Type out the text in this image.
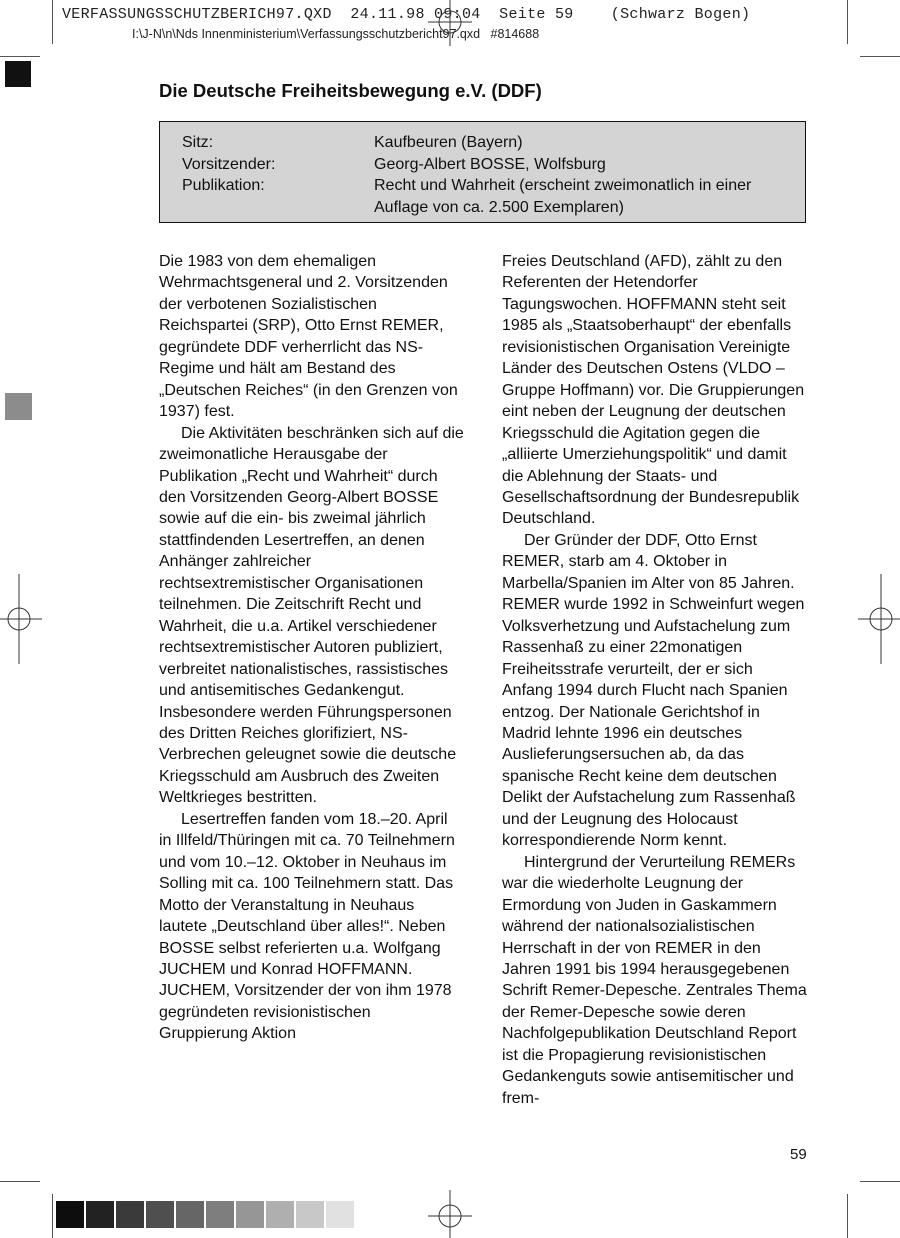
VERFASSUNGSSCHUTZBERICH97.QXD  24.11.98 09:04  Seite 59    (Schwarz Bogen)
I:\J-N\n\Nds Innenministerium\Verfassungsschutzbericht97.qxd   #814688
Die Deutsche Freiheitsbewegung e.V. (DDF)
Sitz:	Kaufbeuren (Bayern)
Vorsitzender:	Georg-Albert BOSSE, Wolfsburg
Publikation:	Recht und Wahrheit (erscheint zweimonatlich in einer Auflage von ca. 2.500 Exemplaren)

Die 1983 von dem ehemaligen Wehrmachtsgeneral und 2. Vorsitzenden der verbotenen Sozialistischen Reichspartei (SRP), Otto Ernst REMER, gegründete DDF verherrlicht das NS-Regime und hält am Bestand des „Deutschen Reiches“ (in den Grenzen von 1937) fest.

Die Aktivitäten beschränken sich auf die zweimonatliche Herausgabe der Publikation „Recht und Wahrheit“ durch den Vorsitzenden Georg-Albert BOSSE sowie auf die ein- bis zweimal jährlich stattfindenden Lesertreffen, an denen Anhänger zahlreicher rechtsextremistischer Organisationen teilnehmen. Die Zeitschrift Recht und Wahrheit, die u.a. Artikel verschiedener rechtsextremistischer Autoren publiziert, verbreitet nationalistisches, rassistisches und antisemitisches Gedankengut. Insbesondere werden Führungspersonen des Dritten Reiches glorifiziert, NS-Verbrechen geleugnet sowie die deutsche Kriegsschuld am Ausbruch des Zweiten Weltkrieges bestritten.

Lesertreffen fanden vom 18.–20. April in Illfeld/Thüringen mit ca. 70 Teilnehmern und vom 10.–12. Oktober in Neuhaus im Solling mit ca. 100 Teilnehmern statt. Das Motto der Veranstaltung in Neuhaus lautete „Deutschland über alles!“. Neben BOSSE selbst referierten u.a. Wolfgang JUCHEM und Konrad HOFFMANN. JUCHEM, Vorsitzender der von ihm 1978 gegründeten revisionistischen Gruppierung Aktion

Freies Deutschland (AFD), zählt zu den Referenten der Hetendorfer Tagungswochen. HOFFMANN steht seit 1985 als „Staatsoberhaupt“ der ebenfalls revisionistischen Organisation Vereinigte Länder des Deutschen Ostens (VLDO – Gruppe Hoffmann) vor. Die Gruppierungen eint neben der Leugnung der deutschen Kriegsschuld die Agitation gegen die „alliierte Umerziehungspolitik“ und damit die Ablehnung der Staats- und Gesellschaftsordnung der Bundesrepublik Deutschland.

Der Gründer der DDF, Otto Ernst REMER, starb am 4. Oktober in Marbella/Spanien im Alter von 85 Jahren. REMER wurde 1992 in Schweinfurt wegen Volksverhetzung und Aufstachelung zum Rassenhaß zu einer 22monatigen Freiheitsstrafe verurteilt, der er sich Anfang 1994 durch Flucht nach Spanien entzog. Der Nationale Gerichtshof in Madrid lehnte 1996 ein deutsches Auslieferungsersuchen ab, da das spanische Recht keine dem deutschen Delikt der Aufstachelung zum Rassenhaß und der Leugnung des Holocaust korrespondierende Norm kennt.

Hintergrund der Verurteilung REMERs war die wiederholte Leugnung der Ermordung von Juden in Gaskammern während der nationalsozialistischen Herrschaft in der von REMER in den Jahren 1991 bis 1994 herausgegebenen Schrift Remer-Depesche. Zentrales Thema der Remer-Depesche sowie deren Nachfolgepublikation Deutschland Report ist die Propagierung revisionistischen Gedankenguts sowie antisemitischer und frem-

59
